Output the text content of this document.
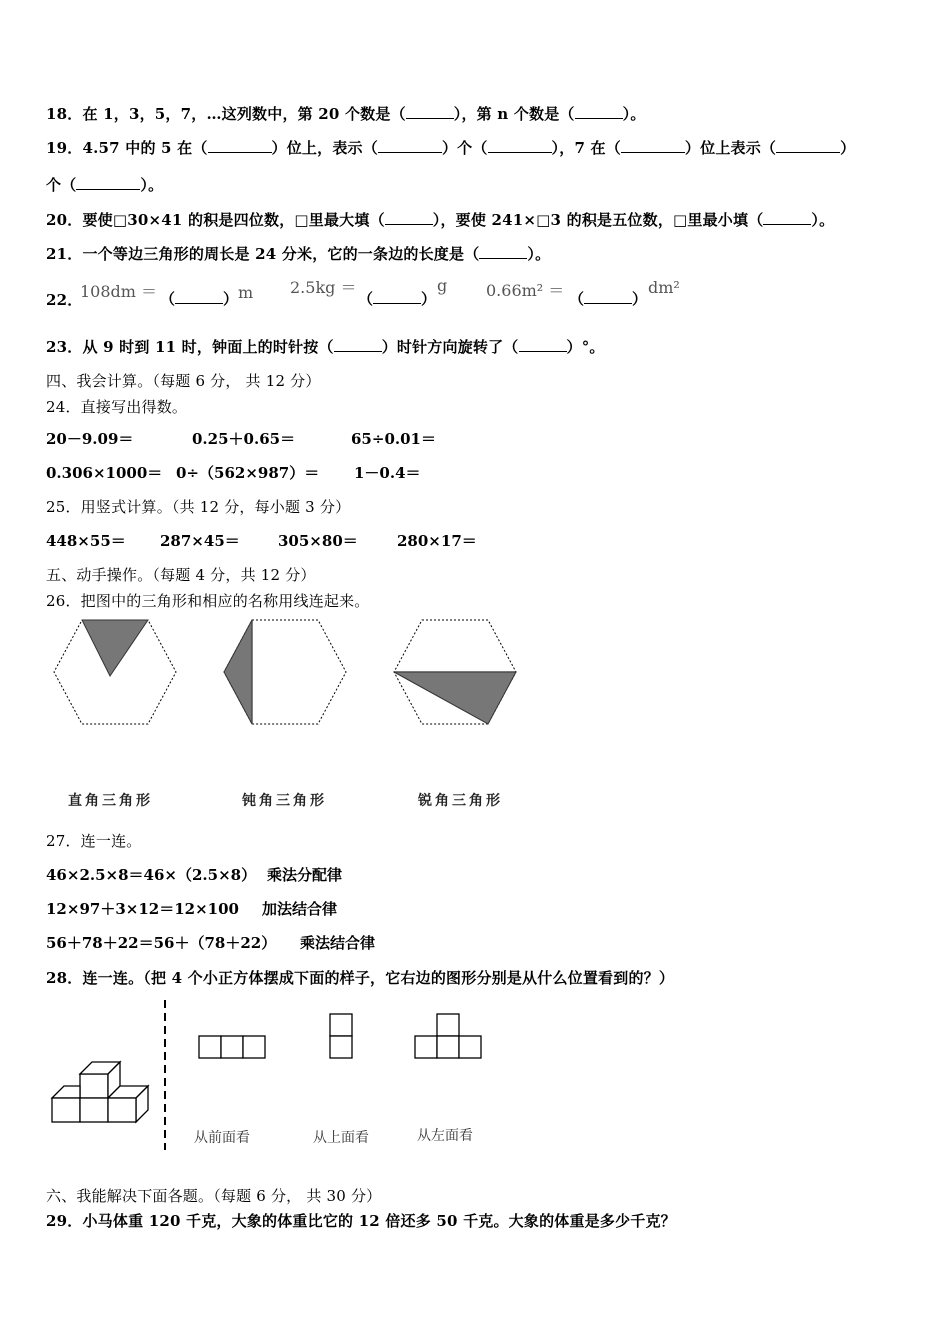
18．在 1，3，5，7，…这列数中，第 20 个数是（	），第 n 个数是（	）。
19．4.57 中的 5 在（	）位上，表示（	）个（	），7 在（	）位上表示（	）
个（	）。
20．要使□30×41 的积是四位数，□里最大填（	），要使 241×□3 的积是五位数，□里最小填（	）。
21．一个等边三角形的周长是 24 分米，它的一条边的长度是（	）。
22．
108dm ＝ （	） m 2.5kg ＝
（	）
g 0.66m² ＝ （	）
dm²
23．从 9 时到 11 时，钟面上的时针按（	）时针方向旋转了（	）°。
四、我会计算。（每题 6 分， 共 12 分）
24．直接写出得数。
20－9.09＝	0.25＋0.65＝	65÷0.01＝
0.306×1000＝ 0÷（562×987）＝ 1－0.4＝
25．用竖式计算。（共 12 分，每小题 3 分）
448×55＝ 287×45＝	305×80＝	280×17＝
五、动手操作。（每题 4 分，共 12 分）
26．把图中的三角形和相应的名称用线连起来。
直角三角形	钝角三角形	锐角三角形
27．连一连。
46×2.5×8＝46×（2.5×8） 乘法分配律
12×97＋3×12＝12×100 加法结合律
56＋78＋22＝56＋（78＋22） 乘法结合律
28．连一连。（把 4 个小正方体摆成下面的样子，它右边的图形分别是从什么位置看到的？）
从前面看	从上面看	从左面看
六、我能解决下面各题。（每题 6 分， 共 30 分）
29．小马体重 120 千克，大象的体重比它的 12 倍还多 50 千克。大象的体重是多少千克？
